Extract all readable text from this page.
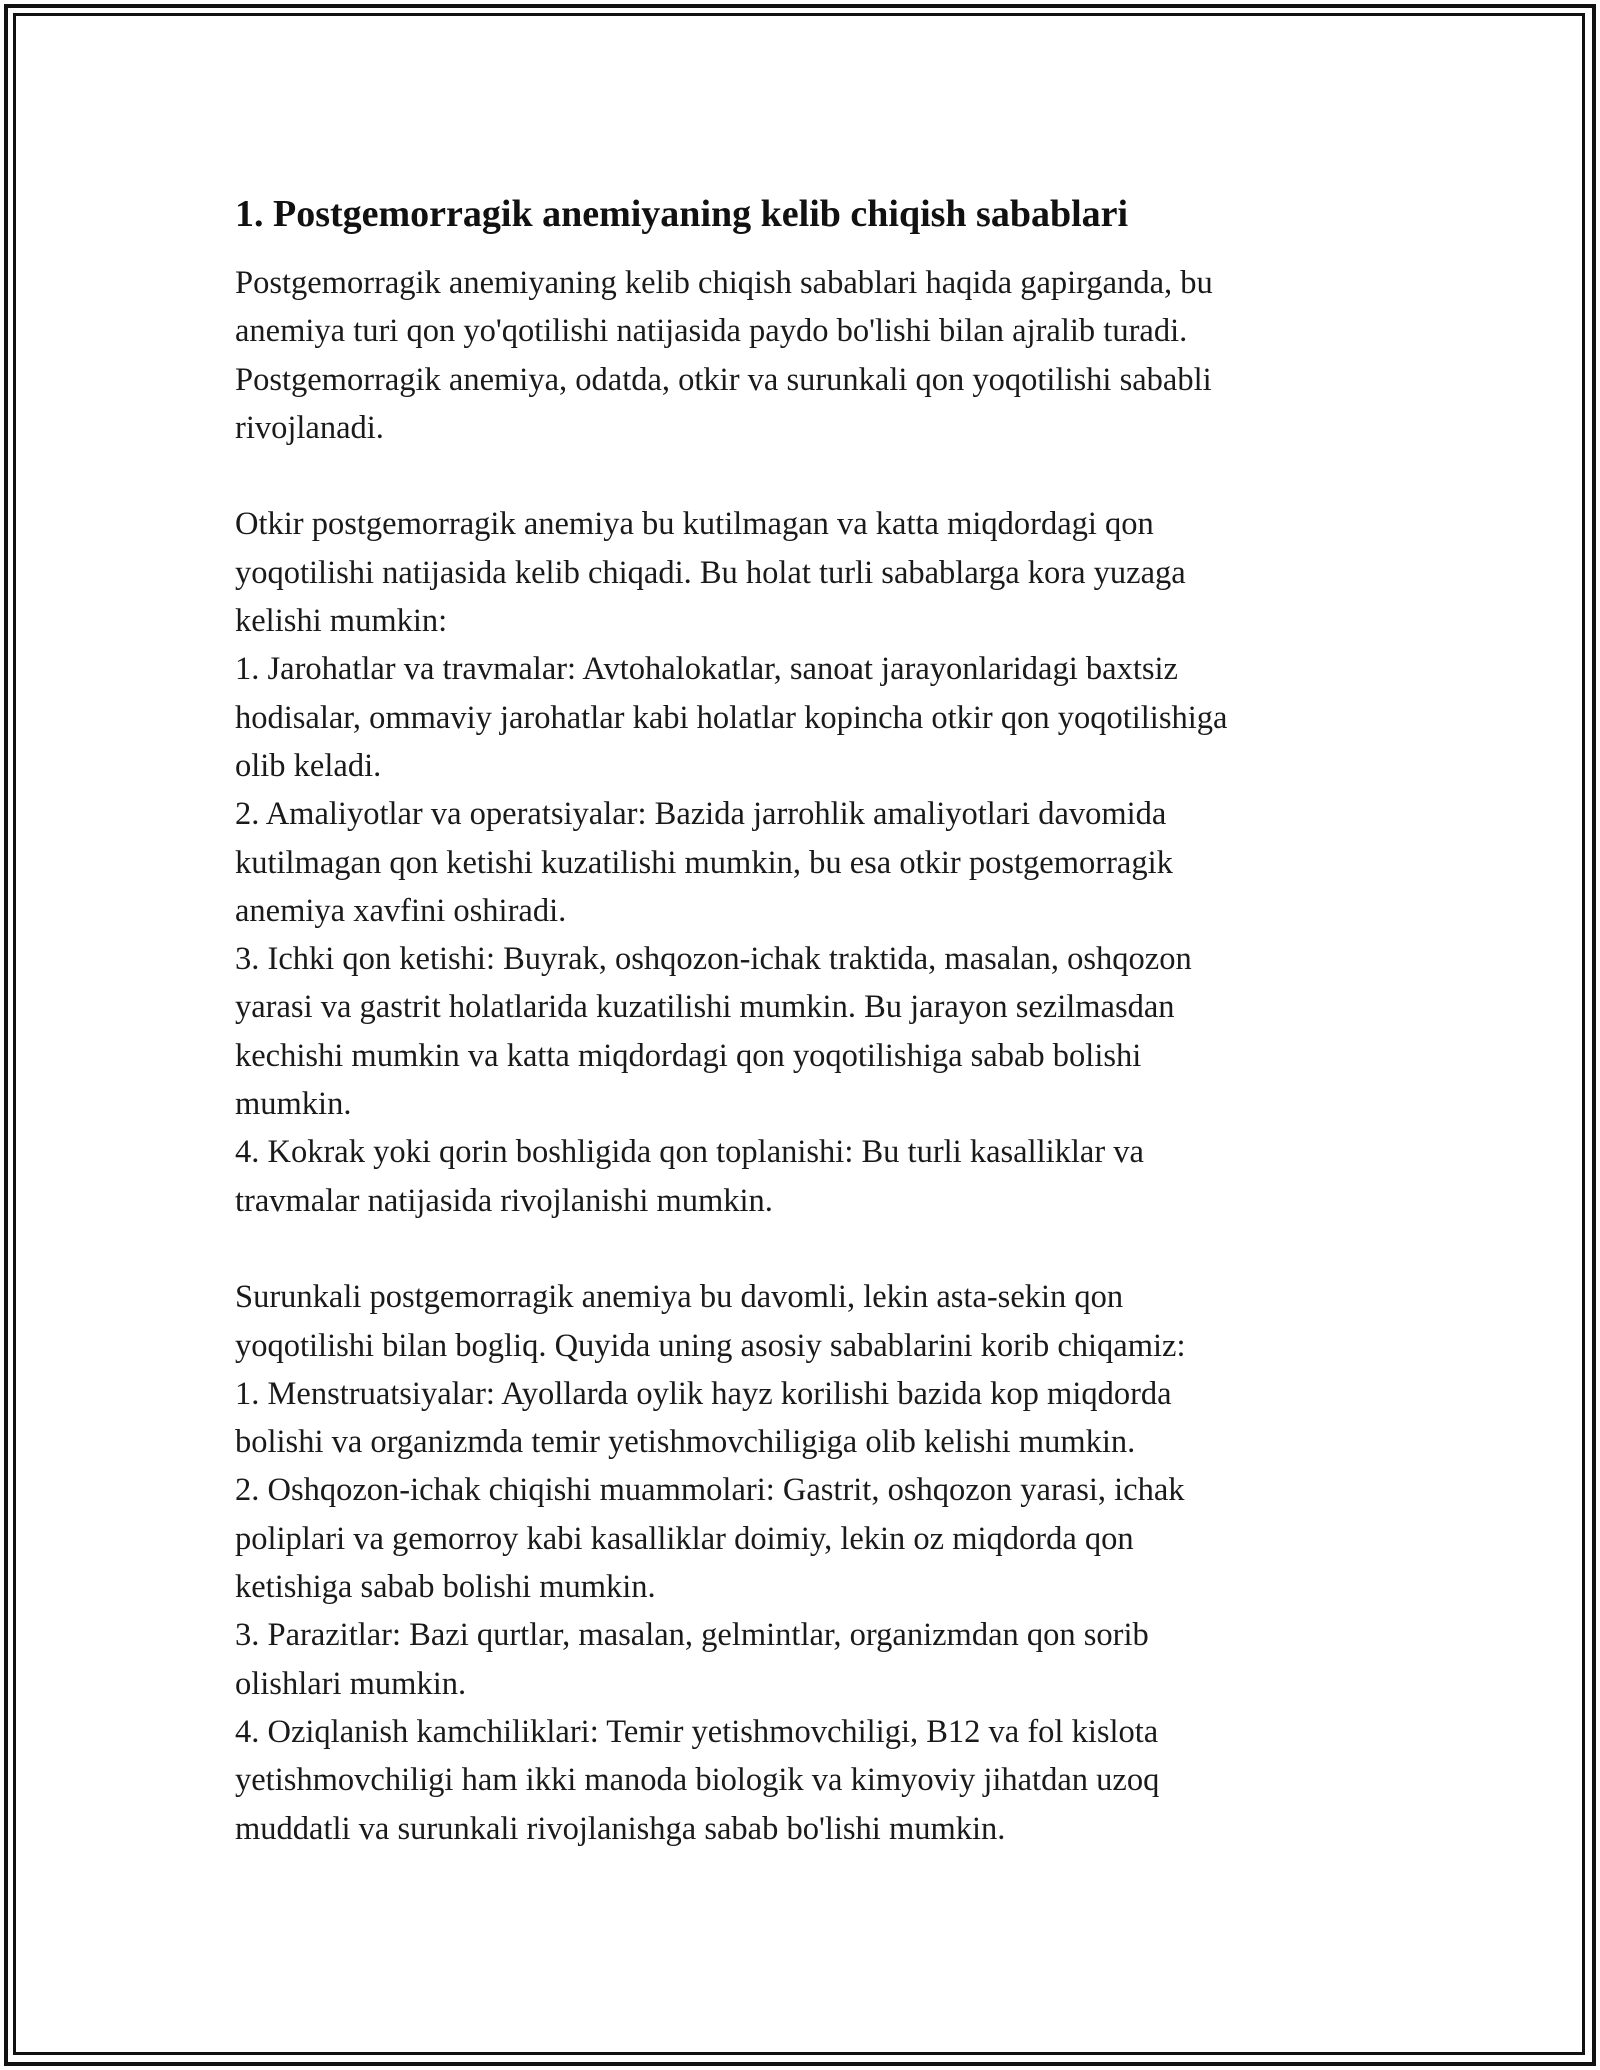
1. Postgemorragik anemiyaning kelib chiqish sabablari

Postgemorragik anemiyaning kelib chiqish sabablari haqida gapirganda, bu
anemiya turi qon yo'qotilishi natijasida paydo bo'lishi bilan ajralib turadi.
Postgemorragik anemiya, odatda, otkir va surunkali qon yoqotilishi sababli
rivojlanadi.

Otkir postgemorragik anemiya bu kutilmagan va katta miqdordagi qon
yoqotilishi natijasida kelib chiqadi. Bu holat turli sabablarga kora yuzaga
kelishi mumkin:
1. Jarohatlar va travmalar: Avtohalokatlar, sanoat jarayonlaridagi baxtsiz
hodisalar, ommaviy jarohatlar kabi holatlar kopincha otkir qon yoqotilishiga
olib keladi.
2. Amaliyotlar va operatsiyalar: Bazida jarrohlik amaliyotlari davomida
kutilmagan qon ketishi kuzatilishi mumkin, bu esa otkir postgemorragik
anemiya xavfini oshiradi.
3. Ichki qon ketishi: Buyrak, oshqozon-ichak traktida, masalan, oshqozon
yarasi va gastrit holatlarida kuzatilishi mumkin. Bu jarayon sezilmasdan
kechishi mumkin va katta miqdordagi qon yoqotilishiga sabab bolishi
mumkin.
4. Kokrak yoki qorin boshligida qon toplanishi: Bu turli kasalliklar va
travmalar natijasida rivojlanishi mumkin.

Surunkali postgemorragik anemiya bu davomli, lekin asta-sekin qon
yoqotilishi bilan bogliq. Quyida uning asosiy sabablarini korib chiqamiz:
1. Menstruatsiyalar: Ayollarda oylik hayz korilishi bazida kop miqdorda
bolishi va organizmda temir yetishmovchiligiga olib kelishi mumkin.
2. Oshqozon-ichak chiqishi muammolari: Gastrit, oshqozon yarasi, ichak
poliplari va gemorroy kabi kasalliklar doimiy, lekin oz miqdorda qon
ketishiga sabab bolishi mumkin.
3. Parazitlar: Bazi qurtlar, masalan, gelmintlar, organizmdan qon sorib
olishlari mumkin.
4. Oziqlanish kamchiliklari: Temir yetishmovchiligi, B12 va fol kislota
yetishmovchiligi ham ikki manoda biologik va kimyoviy jihatdan uzoq
muddatli va surunkali rivojlanishga sabab bo'lishi mumkin.
